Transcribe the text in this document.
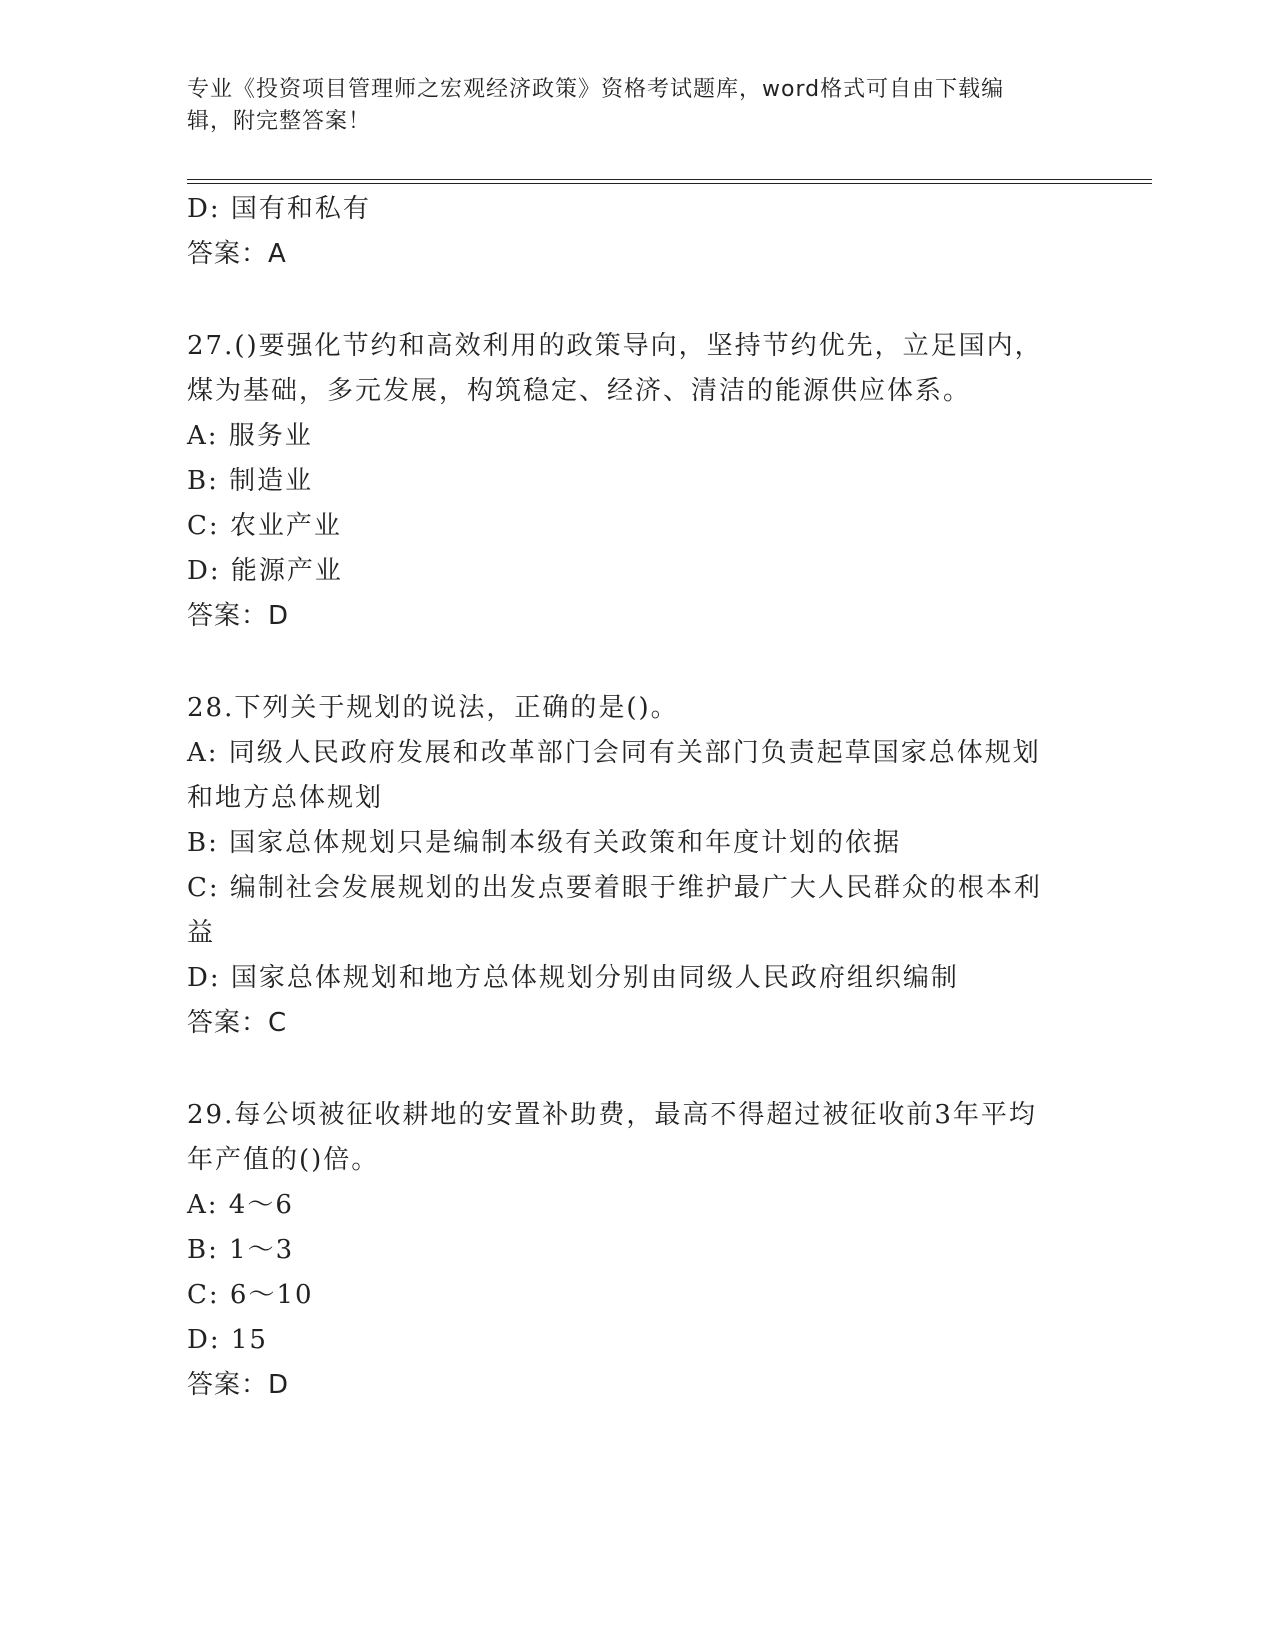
专业《投资项目管理师之宏观经济政策》资格考试题库，word格式可自由下载编
辑，附完整答案！
D: 国有和私有
答案：A
27.()要强化节约和高效利用的政策导向，坚持节约优先，立足国内，
煤为基础，多元发展，构筑稳定、经济、清洁的能源供应体系。
A: 服务业
B: 制造业
C: 农业产业
D: 能源产业
答案：D
28.下列关于规划的说法，正确的是()。
A: 同级人民政府发展和改革部门会同有关部门负责起草国家总体规划
和地方总体规划
B: 国家总体规划只是编制本级有关政策和年度计划的依据
C: 编制社会发展规划的出发点要着眼于维护最广大人民群众的根本利
益
D: 国家总体规划和地方总体规划分别由同级人民政府组织编制
答案：C
29.每公顷被征收耕地的安置补助费，最高不得超过被征收前3年平均
年产值的()倍。
A: 4～6
B: 1～3
C: 6～10
D: 15
答案：D
